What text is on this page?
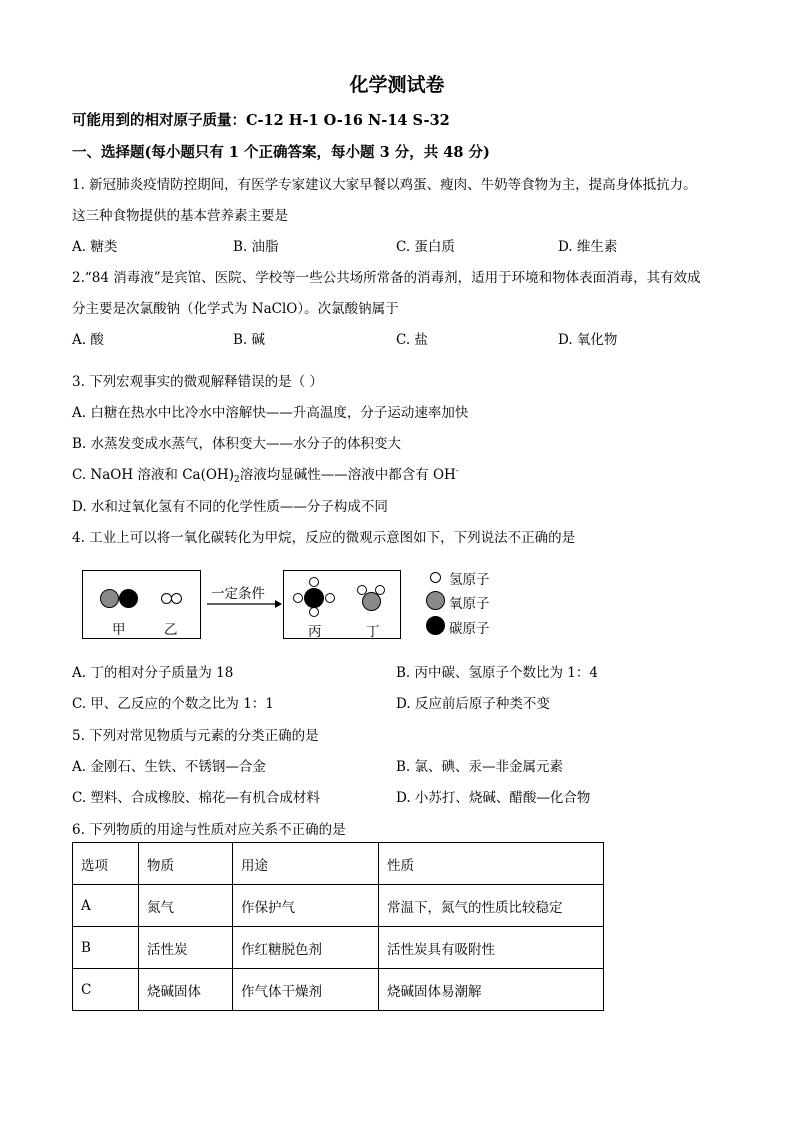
化学测试卷
可能用到的相对原子质量：C-12 H-1 O-16 N-14 S-32
一、选择题(每小题只有 1 个正确答案，每小题 3 分，共 48 分)
1. 新冠肺炎疫情防控期间，有医学专家建议大家早餐以鸡蛋、瘦肉、牛奶等食物为主，提高身体抵抗力。
这三种食物提供的基本营养素主要是
A. 糖类	B. 油脂	C. 蛋白质	D. 维生素
2.“84 消毒液”是宾馆、医院、学校等一些公共场所常备的消毒剂，适用于环境和物体表面消毒，其有效成
分主要是次氯酸钠（化学式为 NaClO）。次氯酸钠属于
A. 酸	B. 碱	C. 盐	D. 氧化物
3. 下列宏观事实的微观解释错误的是（ ）
A. 白糖在热水中比冷水中溶解快——升高温度，分子运动速率加快
B. 水蒸发变成水蒸气，体积变大——水分子的体积变大
C. NaOH 溶液和 $Ca(OH)_2$溶液均显碱性——溶液中都含有 OH-
D. 水和过氧化氢有不同的化学性质——分子构成不同
4. 工业上可以将一氧化碳转化为甲烷，反应的微观示意图如下，下列说法不正确的是
甲	乙
一定条件
丙	丁
氢原子
氧原子
碳原子
A. 丁的相对分子质量为 18	B. 丙中碳、氢原子个数比为 1：4
C. 甲、乙反应的个数之比为 1：1	D. 反应前后原子种类不变
5. 下列对常见物质与元素的分类正确的是
A. 金刚石、生铁、不锈钢—合金	B. 氯、碘、汞—非金属元素
C. 塑料、合成橡胶、棉花—有机合成材料	D. 小苏打、烧碱、醋酸—化合物
6. 下列物质的用途与性质对应关系不正确的是
选项	物质	用途	性质
A	氮气	作保护气	常温下，氮气的性质比较稳定
B	活性炭	作红糖脱色剂	活性炭具有吸附性
C	烧碱固体	作气体干燥剂	烧碱固体易潮解
